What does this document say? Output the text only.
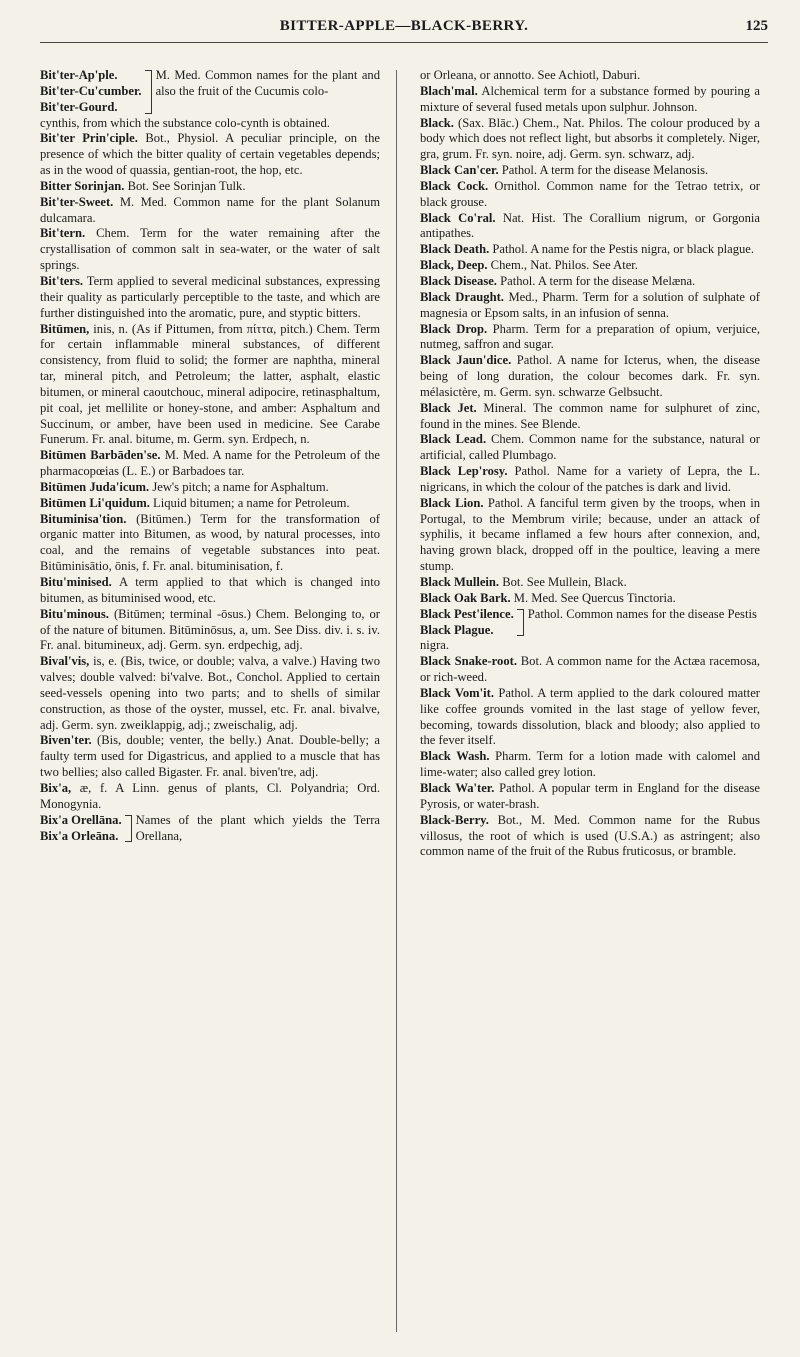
BITTER-APPLE—BLACK-BERRY.	125
Bit'ter-Ap'ple.
Bit'ter-Cu'cumber.
Bit'ter-Gourd.
M. Med. Common names for the plant and also the fruit of the Cucumis colo-

cynthis, from which the substance colo-cynth is obtained.

Bit'ter Prin'ciple. Bot., Physiol. A peculiar principle, on the presence of which the bitter quality of certain vegetables depends; as in the wood of quassia, gentian-root, the hop, etc.

Bitter Sorinjan. Bot. See Sorinjan Tulk.

Bit'ter-Sweet. M. Med. Common name for the plant Solanum dulcamara.

Bit'tern. Chem. Term for the water remaining after the crystallisation of common salt in sea-water, or the water of salt springs.

Bit'ters. Term applied to several medicinal substances, expressing their quality as particularly perceptible to the taste, and which are further distinguished into the aromatic, pure, and styptic bitters.

Bitūmen, inis, n. (As if Pittumen, from πίττα, pitch.) Chem. Term for certain inflammable mineral substances, of different consistency, from fluid to solid; the former are naphtha, mineral tar, mineral pitch, and Petroleum; the latter, asphalt, elastic bitumen, or mineral caoutchouc, mineral adipocire, retinasphaltum, pit coal, jet mellilite or honey-stone, and amber: Asphaltum and Succinum, or amber, have been used in medicine. See Carabe Funerum. Fr. anal. bitume, m. Germ. syn. Erdpech, n.

Bitūmen Barbāden'se. M. Med. A name for the Petroleum of the pharmacopœias (L. E.) or Barbadoes tar.

Bitūmen Juda'icum. Jew's pitch; a name for Asphaltum.

Bitūmen Li'quidum. Liquid bitumen; a name for Petroleum.

Bituminisa'tion. (Bitūmen.) Term for the transformation of organic matter into Bitumen, as wood, by natural processes, into coal, and the remains of vegetable substances into peat. Bitūminisātio, ōnis, f. Fr. anal. bituminisation, f.

Bitu'minised. A term applied to that which is changed into bitumen, as bituminised wood, etc.

Bitu'minous. (Bitūmen; terminal -ōsus.) Chem. Belonging to, or of the nature of bitumen. Bitūminōsus, a, um. See Diss. div. i. s. iv. Fr. anal. bitumineux, adj. Germ. syn. erdpechig, adj.

Bival'vis, is, e. (Bis, twice, or double; valva, a valve.) Having two valves; double valved: bi'valve. Bot., Conchol. Applied to certain seed-vessels opening into two parts; and to shells of similar construction, as those of the oyster, mussel, etc. Fr. anal. bivalve, adj. Germ. syn. zweiklappig, adj.; zweischalig, adj.

Biven'ter. (Bis, double; venter, the belly.) Anat. Double-belly; a faulty term used for Digastricus, and applied to a muscle that has two bellies; also called Bigaster. Fr. anal. biven'tre, adj.

Bix'a, æ, f. A Linn. genus of plants, Cl. Polyandria; Ord. Monogynia.

Bix'a Orellāna.
Bix'a Orleāna.
Names of the plant which yields the Terra Orellana,

or Orleana, or annotto. See Achiotl, Daburi.

Blach'mal. Alchemical term for a substance formed by pouring a mixture of several fused metals upon sulphur. Johnson.

Black. (Sax. Blāc.) Chem., Nat. Philos. The colour produced by a body which does not reflect light, but absorbs it completely. Niger, gra, grum. Fr. syn. noire, adj. Germ. syn. schwarz, adj.

Black Can'cer. Pathol. A term for the disease Melanosis.

Black Cock. Ornithol. Common name for the Tetrao tetrix, or black grouse.

Black Co'ral. Nat. Hist. The Corallium nigrum, or Gorgonia antipathes.

Black Death. Pathol. A name for the Pestis nigra, or black plague.

Black, Deep. Chem., Nat. Philos. See Ater.

Black Disease. Pathol. A term for the disease Melæna.

Black Draught. Med., Pharm. Term for a solution of sulphate of magnesia or Epsom salts, in an infusion of senna.

Black Drop. Pharm. Term for a preparation of opium, verjuice, nutmeg, saffron and sugar.

Black Jaun'dice. Pathol. A name for Icterus, when, the disease being of long duration, the colour becomes dark. Fr. syn. mélasictère, m. Germ. syn. schwarze Gelbsucht.

Black Jet. Mineral. The common name for sulphuret of zinc, found in the mines. See Blende.

Black Lead. Chem. Common name for the substance, natural or artificial, called Plumbago.

Black Lep'rosy. Pathol. Name for a variety of Lepra, the L. nigricans, in which the colour of the patches is dark and livid.

Black Lion. Pathol. A fanciful term given by the troops, when in Portugal, to the Membrum virile; because, under an attack of syphilis, it became inflamed a few hours after connexion, and, having grown black, dropped off in the poultice, leaving a mere stump.

Black Mullein. Bot. See Mullein, Black.

Black Oak Bark. M. Med. See Quercus Tinctoria.

Black Pest'ilence.
Black Plague.
Pathol. Common names for the disease Pestis

nigra.

Black Snake-root. Bot. A common name for the Actæa racemosa, or rich-weed.

Black Vom'it. Pathol. A term applied to the dark coloured matter like coffee grounds vomited in the last stage of yellow fever, becoming, towards dissolution, black and bloody; also applied to the fever itself.

Black Wash. Pharm. Term for a lotion made with calomel and lime-water; also called grey lotion.

Black Wa'ter. Pathol. A popular term in England for the disease Pyrosis, or water-brash.

Black-Berry. Bot., M. Med. Common name for the Rubus villosus, the root of which is used (U.S.A.) as astringent; also common name of the fruit of the Rubus fruticosus, or bramble.
